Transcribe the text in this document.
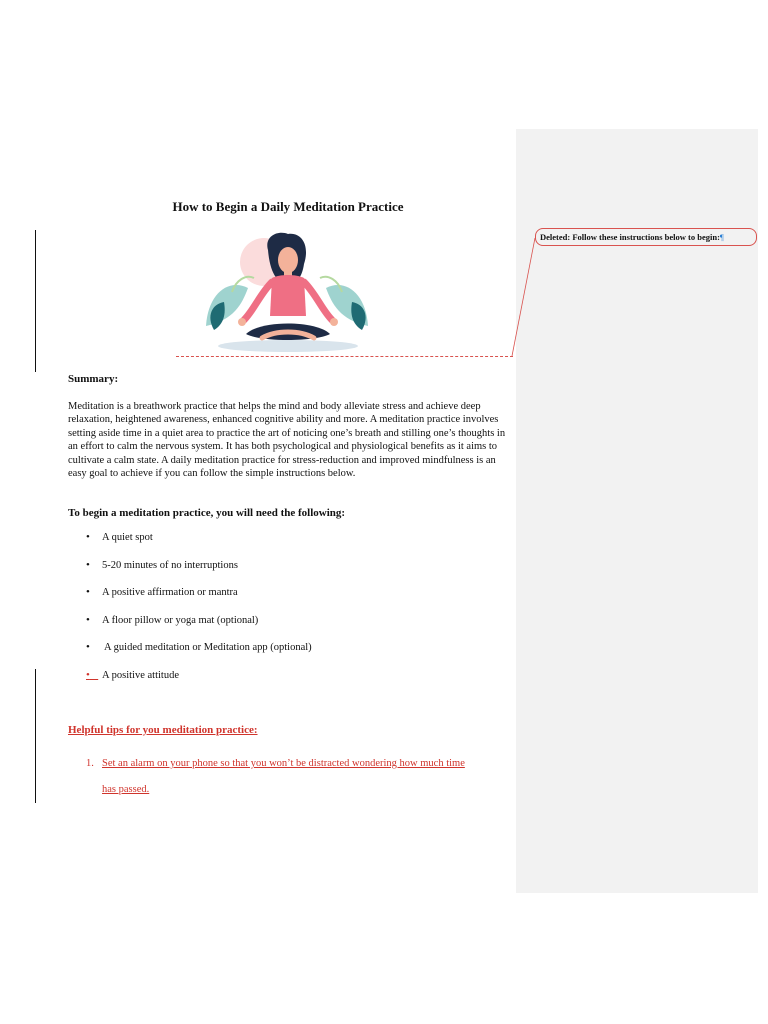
How to Begin a Daily Meditation Practice
Deleted: Follow these instructions below to begin:¶
Summary:
Meditation is a breathwork practice that helps the mind and body alleviate stress and achieve deep relaxation, heightened awareness, enhanced cognitive ability and more. A meditation practice involves setting aside time in a quiet area to practice the art of noticing one’s breath and stilling one’s thoughts in an effort to calm the nervous system. It has both psychological and physiological benefits as it aims to cultivate a calm state. A daily meditation practice for stress-reduction and improved mindfulness is an easy goal to achieve if you can follow the simple instructions below.
To begin a meditation practice, you will need the following:
• A quiet spot
• 5-20 minutes of no interruptions
• A positive affirmation or mantra
• A floor pillow or yoga mat (optional)
• A guided meditation or Meditation app (optional)
•	A positive attitude
Helpful tips for you meditation practice:
1. Set an alarm on your phone so that you won’t be distracted wondering how much time
has passed.
